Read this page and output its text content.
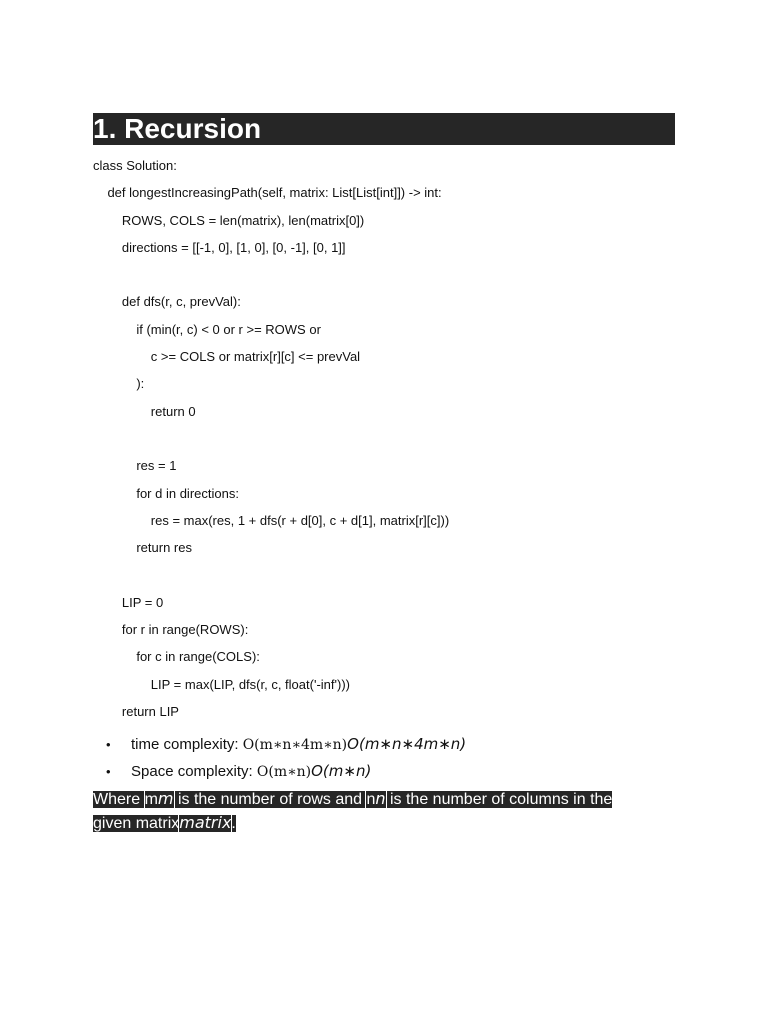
1. Recursion
class Solution:
def longestIncreasingPath(self, matrix: List[List[int]]) -> int:
ROWS, COLS = len(matrix), len(matrix[0])
directions = [[-1, 0], [1, 0], [0, -1], [0, 1]]
def dfs(r, c, prevVal):
if (min(r, c) < 0 or r >= ROWS or
c >= COLS or matrix[r][c] <= prevVal
):
return 0
res = 1
for d in directions:
res = max(res, 1 + dfs(r + d[0], c + d[1], matrix[r][c]))
return res
LIP = 0
for r in range(ROWS):
for c in range(COLS):
LIP = max(LIP, dfs(r, c, float('-inf')))
return LIP
• time complexity: O(m∗n∗4m∗n)O(m∗n∗4m∗n)
• Space complexity: O(m∗n)O(m∗n)
Where mm is the number of rows and nn is the number of columns in the given matrixmatrix.
